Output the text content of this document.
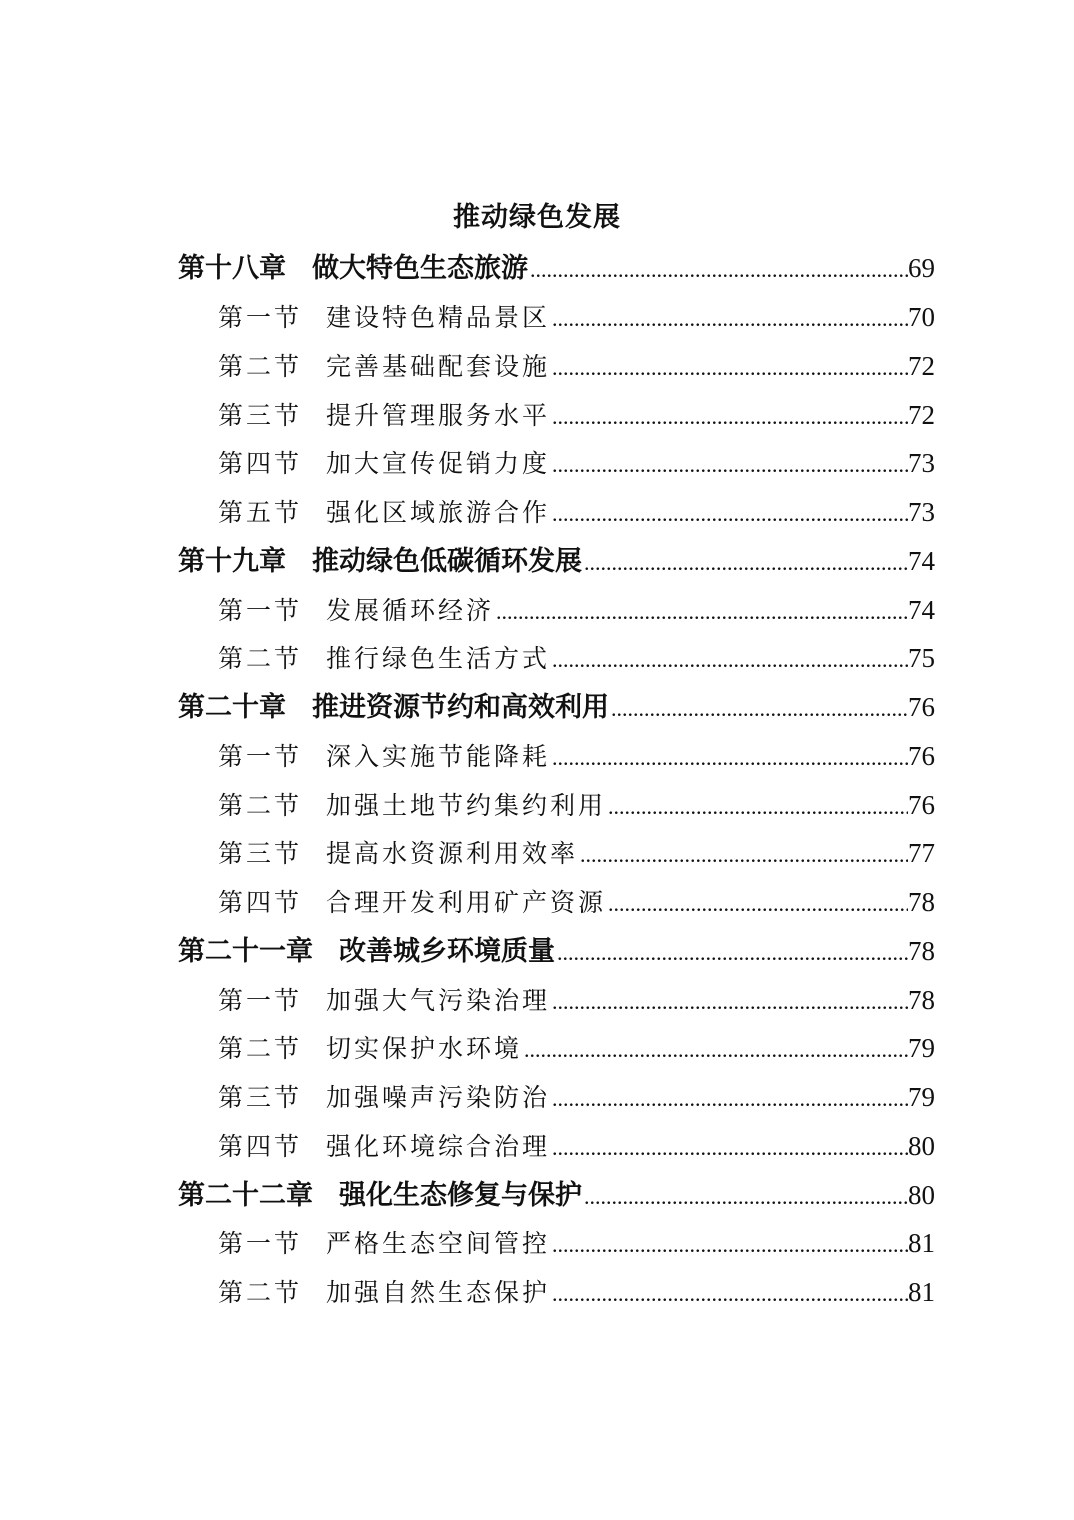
推动绿色发展
第十八章 做大特色生态旅游 .....	69
第一节 建设特色精品景区 .....	70
第二节 完善基础配套设施 .....	72
第三节 提升管理服务水平 .....	72
第四节 加大宣传促销力度 .....	73
第五节 强化区域旅游合作 .....	73
第十九章 推动绿色低碳循环发展 .....	74
第一节 发展循环经济 .....	74
第二节 推行绿色生活方式 .....	75
第二十章 推进资源节约和高效利用 .....	76
第一节 深入实施节能降耗 .....	76
第二节 加强土地节约集约利用 .....	76
第三节 提高水资源利用效率 .....	77
第四节 合理开发利用矿产资源 .....	78
第二十一章 改善城乡环境质量 .....	78
第一节 加强大气污染治理 .....	78
第二节 切实保护水环境 .....	79
第三节 加强噪声污染防治 .....	79
第四节 强化环境综合治理 .....	80
第二十二章 强化生态修复与保护 .....	80
第一节 严格生态空间管控 .....	81
第二节 加强自然生态保护 .....	81
